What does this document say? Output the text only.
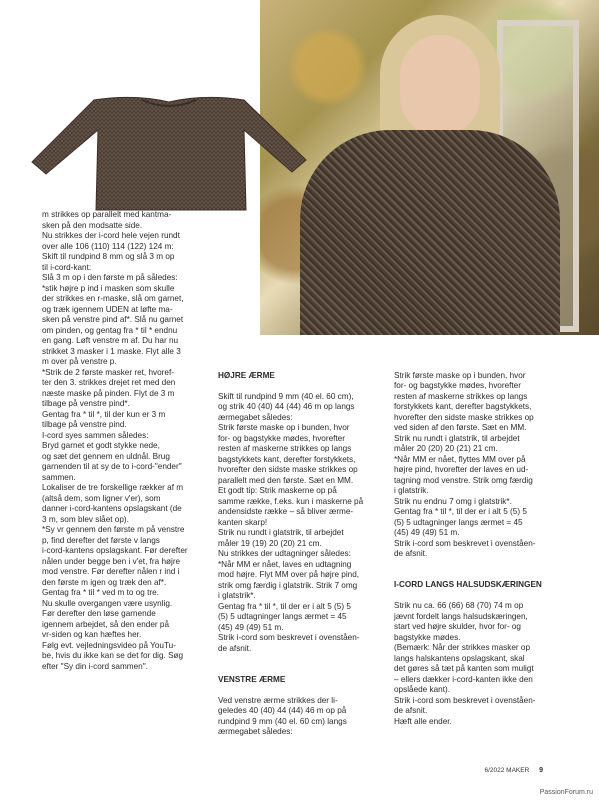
m strikkes op parallelt med kantma-
sken på den modsatte side.
Nu strikkes der i-cord hele vejen rundt
over alle 106 (110) 114 (122) 124 m:
Skift til rundpind 8 mm og slå 3 m op
til i-cord-kant:
Slå 3 m op i den første m på således:
*stik højre p ind i masken som skulle
der strikkes en r-maske, slå om garnet,
og træk igennem UDEN at løfte ma-
sken på venstre pind af*. Slå nu garnet
om pinden, og gentag fra * til * endnu
en gang. Løft venstre m af. Du har nu
strikket 3 masker i 1 maske. Flyt alle 3
m over på venstre p.
*Strik de 2 første masker ret, hvoref-
ter den 3. strikkes drejet ret med den
næste maske på pinden. Flyt de 3 m
tilbage på venstre pind*.
Gentag fra * til *, til der kun er 3 m
tilbage på venstre pind.
I-cord syes sammen således:
Bryd garnet et godt stykke nede,
og sæt det gennem en uldnål. Brug
garnenden til at sy de to i-cord-"ender"
sammen.
Lokaliser de tre forskellige rækker af m
(altså dem, som ligner v'er), som
danner i-cord-kantens opslagskant (de
3 m, som blev slået op).
*Sy vr gennem den første m på venstre
p, find derefter det første v langs
i-cord-kantens opslagskant. Før derefter
nålen under begge ben i v'et, fra højre
mod venstre. Før derefter nålen r ind i
den første m igen og træk den af*.
Gentag fra * til * ved m to og tre.
Nu skulle overgangen være usynlig.
Før derefter den løse garnende
igennem arbejdet, så den ender på
vr-siden og kan hæftes her.
Følg evt. vejledningsvideo på YouTu-
be, hvis du ikke kan se det for dig. Søg
efter "Sy din i-cord sammen".

HØJRE ÆRME

Skift til rundpind 9 mm (40 el. 60 cm),
og strik 40 (40) 44 (44) 46 m op langs
ærmegabet således:
Strik første maske op i bunden, hvor
for- og bagstykke mødes, hvorefter
resten af maskerne strikkes op langs
bagstykkets kant, derefter forstykkets,
hvorefter den sidste maske strikkes op
parallelt med den første. Sæt en MM.
Et godt tip: Strik maskerne op på
samme række, f.eks. kun i maskerne på
andensidste række – så bliver ærme-
kanten skarp!
Strik nu rundt i glatstrik, til arbejdet
måler 19 (19) 20 (20) 21 cm.
Nu strikkes der udtagninger således:
*Når MM er nået, laves en udtagning
mod højre. Flyt MM over på højre pind,
strik omg færdig i glatstrik. Strik 7 omg
i glatstrik*.
Gentag fra * til *, til der er i alt 5 (5) 5
(5) 5 udtagninger langs ærmet = 45
(45) 49 (49) 51 m.
Strik i-cord som beskrevet i ovenståen-
de afsnit.

VENSTRE ÆRME

Ved venstre ærme strikkes der li-
geledes 40 (40) 44 (44) 46 m op på
rundpind 9 mm (40 el. 60 cm) langs
ærmegabet således:

Strik første maske op i bunden, hvor
for- og bagstykke mødes, hvorefter
resten af maskerne strikkes op langs
forstykkets kant, derefter bagstykkets,
hvorefter den sidste maske strikkes op
ved siden af den første. Sæt en MM.
Strik nu rundt i glatstrik, til arbejdet
måler 20 (20) 20 (21) 21 cm.
*Når MM er nået, flyttes MM over på
højre pind, hvorefter der laves en ud-
tagning mod venstre. Strik omg færdig
i glatstrik.
Strik nu endnu 7 omg i glatstrik*.
Gentag fra * til *, til der er i alt 5 (5) 5
(5) 5 udtagninger langs ærmet = 45
(45) 49 (49) 51 m.
Strik i-cord som beskrevet i ovenståen-
de afsnit.

I-CORD LANGS HALSUDSKÆRINGEN

Strik nu ca. 66 (66) 68 (70) 74 m op
jævnt fordelt langs halsudskæringen,
start ved højre skulder, hvor for- og
bagstykke mødes.
(Bemærk: Når der strikkes masker op
langs halskantens opslagskant, skal
det gøres så tæt på kanten som muligt
– ellers dækker i-cord-kanten ikke den
opslåede kant).
Strik i-cord som beskrevet i ovenståen-
de afsnit.
Hæft alle ender.

6/2022 MAKER 9
PassionForum.ru
